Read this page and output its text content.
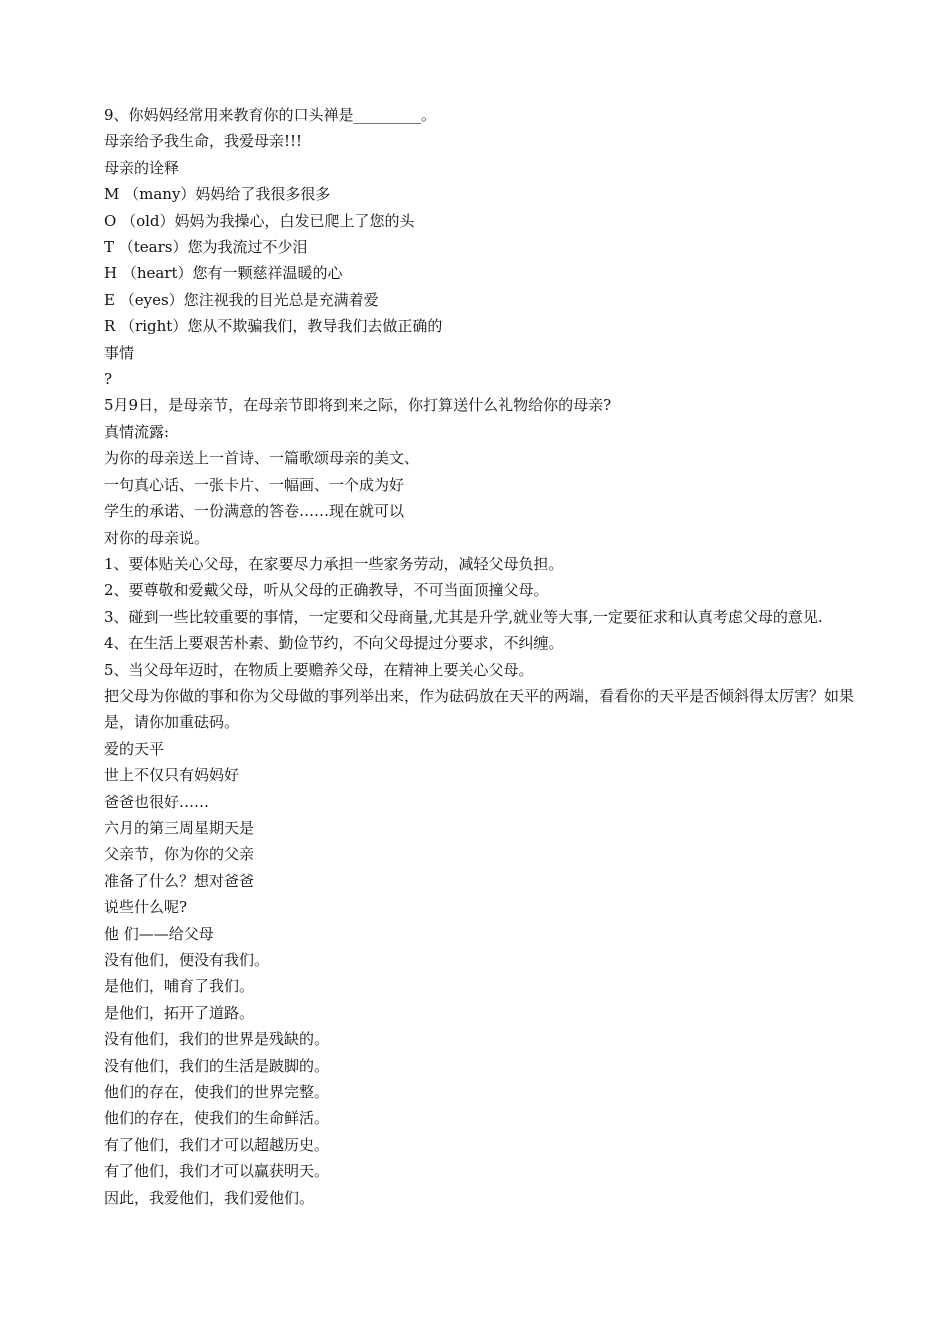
9、你妈妈经常用来教育你的口头禅是_________。
母亲给予我生命，我爱母亲!!!
母亲的诠释
M （many）妈妈给了我很多很多
O （old）妈妈为我操心，白发已爬上了您的头
T （tears）您为我流过不少泪
H （heart）您有一颗慈祥温暖的心
E （eyes）您注视我的目光总是充满着爱
R （right）您从不欺骗我们，教导我们去做正确的
事情
?
5月9日，是母亲节，在母亲节即将到来之际，你打算送什么礼物给你的母亲?
真情流露:
为你的母亲送上一首诗、一篇歌颂母亲的美文、
一句真心话、一张卡片、一幅画、一个成为好
学生的承诺、一份满意的答卷……现在就可以
对你的母亲说。
1、要体贴关心父母，在家要尽力承担一些家务劳动，减轻父母负担。
2、要尊敬和爱戴父母，听从父母的正确教导，不可当面顶撞父母。
3、碰到一些比较重要的事情，一定要和父母商量,尤其是升学,就业等大事,一定要征求和认真考虑父母的意见.
4、在生活上要艰苦朴素、勤俭节约，不向父母提过分要求，不纠缠。
5、当父母年迈时，在物质上要赡养父母，在精神上要关心父母。
把父母为你做的事和你为父母做的事列举出来，作为砝码放在天平的两端，看看你的天平是否倾斜得太厉害？如果是，请你加重砝码。
爱的天平
世上不仅只有妈妈好
爸爸也很好……
六月的第三周星期天是
父亲节，你为你的父亲
准备了什么？想对爸爸
说些什么呢?
他 们——给父母
没有他们，便没有我们。
是他们，哺育了我们。
是他们，拓开了道路。
没有他们，我们的世界是残缺的。
没有他们，我们的生活是跛脚的。
他们的存在，使我们的世界完整。
他们的存在，使我们的生命鲜活。
有了他们，我们才可以超越历史。
有了他们，我们才可以赢获明天。
因此，我爱他们，我们爱他们。
